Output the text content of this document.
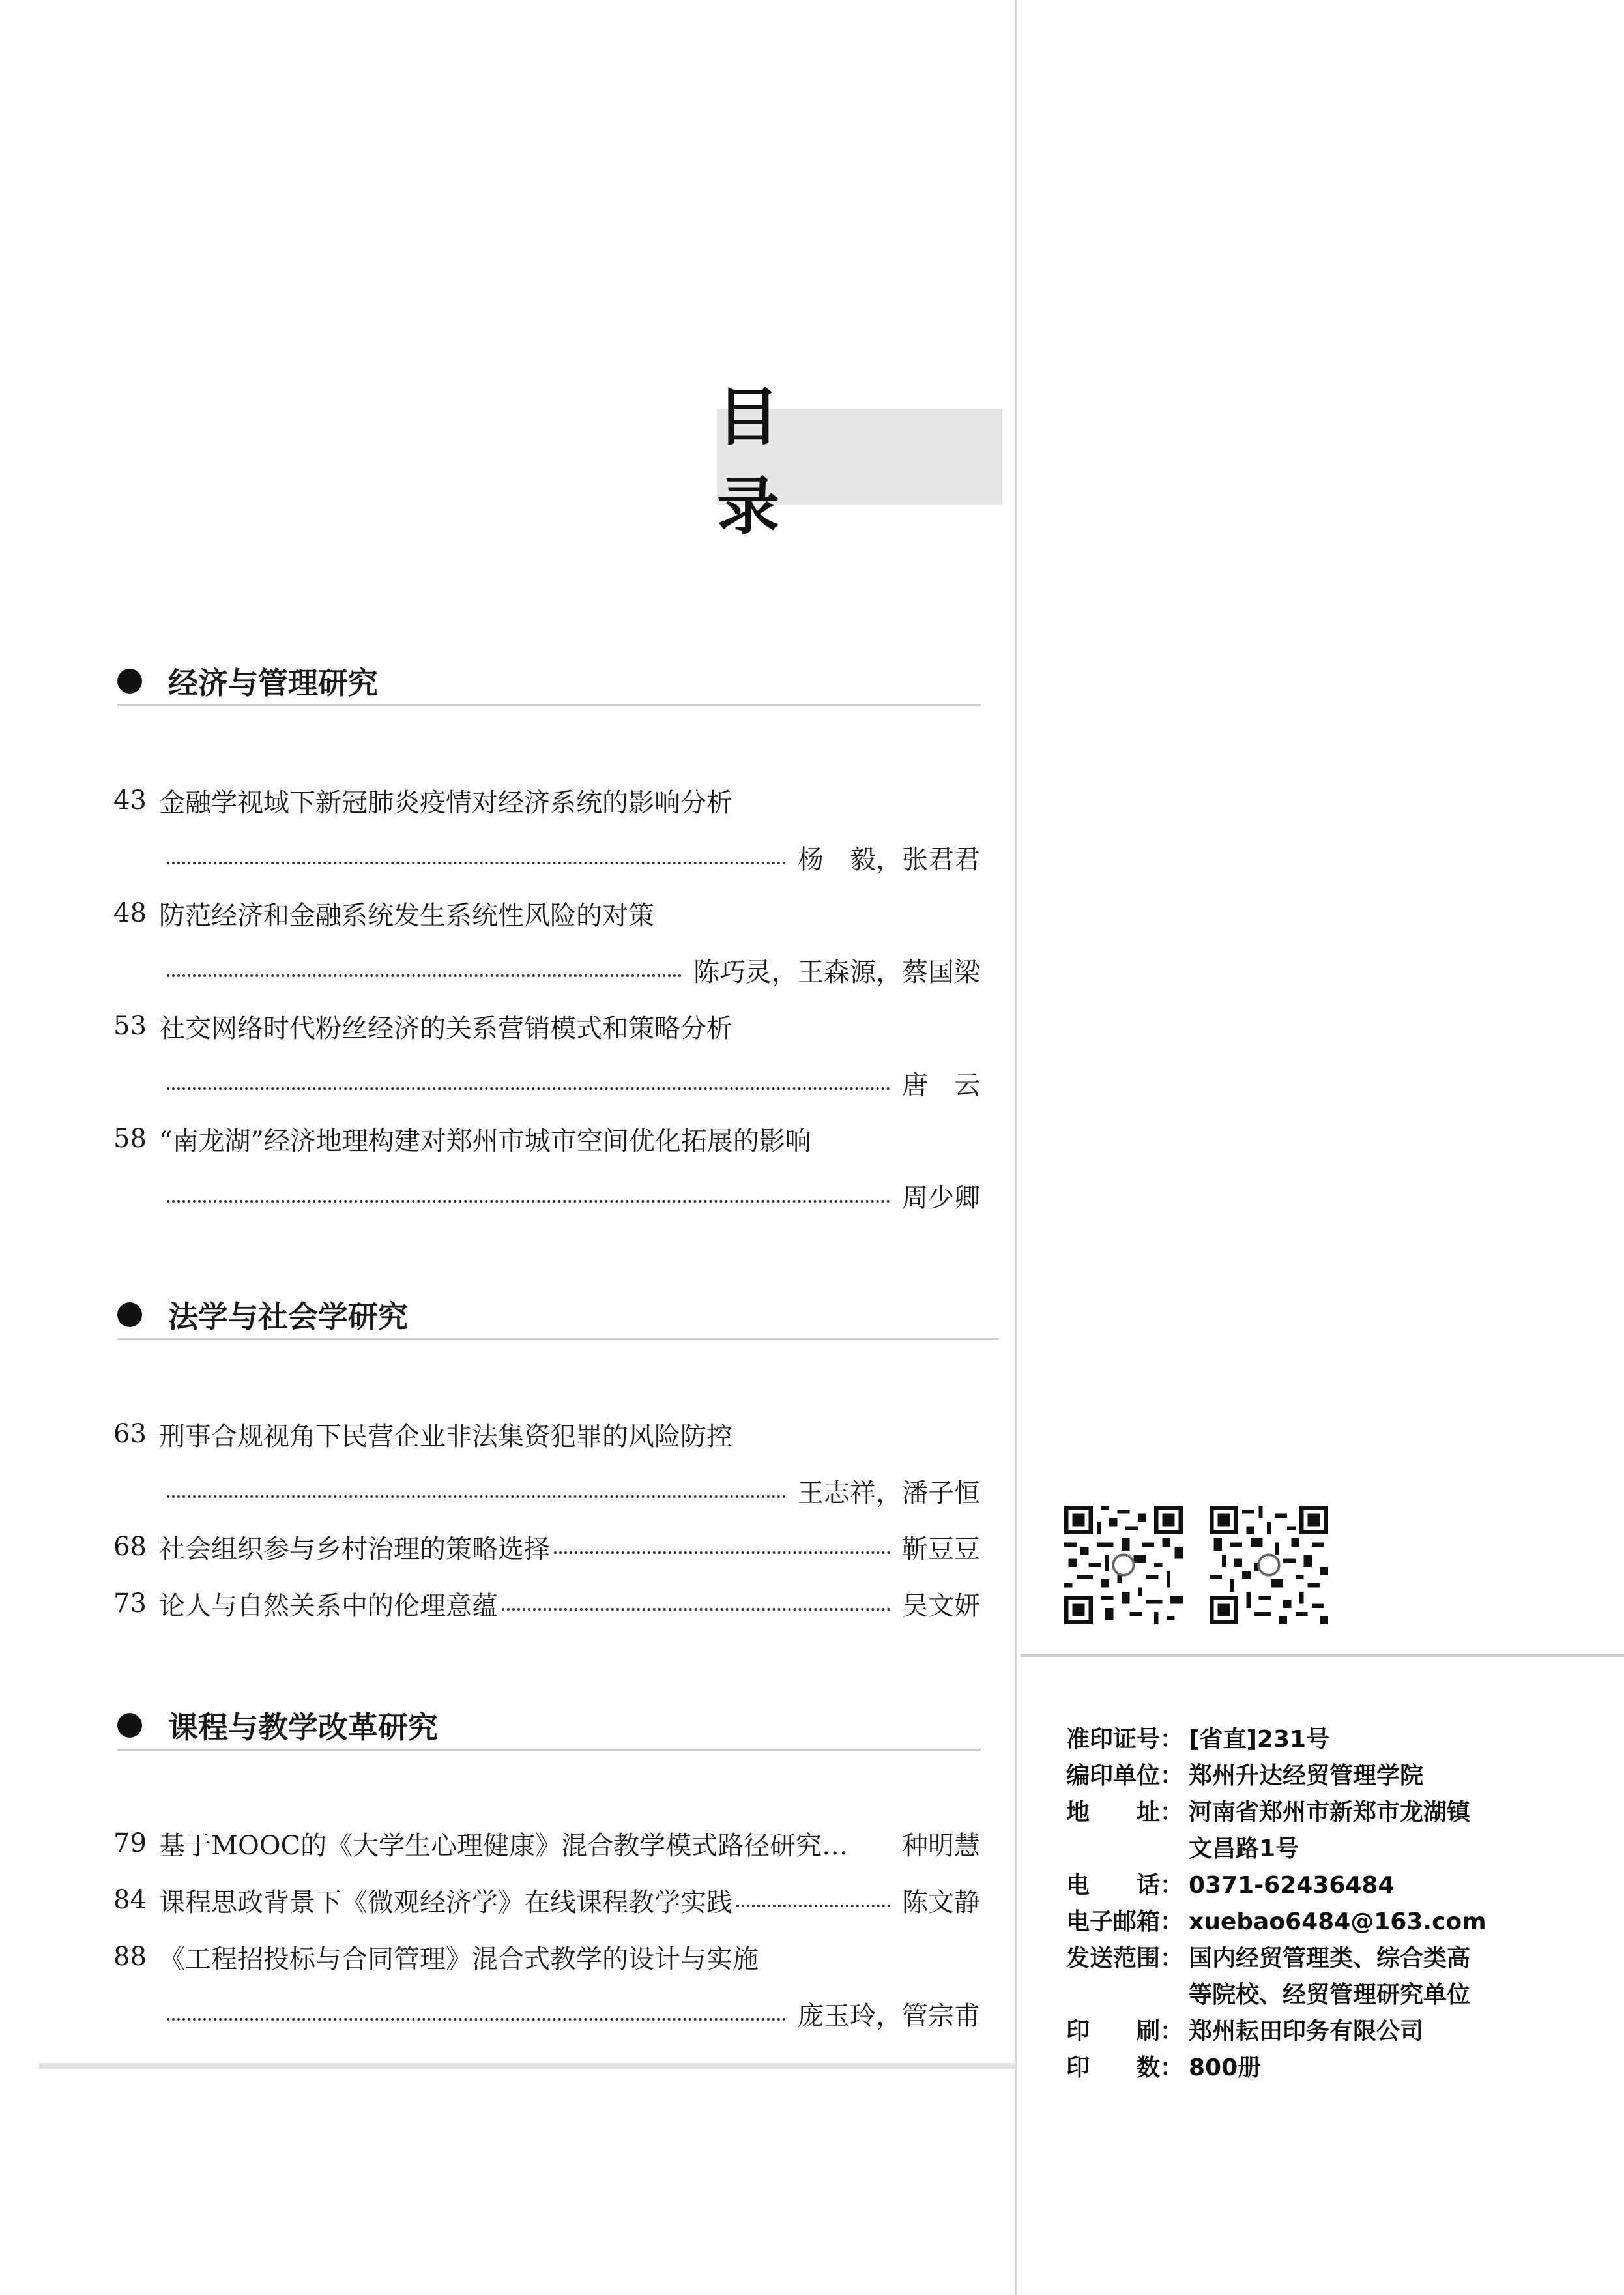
目 录
经济与管理研究
43 金融学视域下新冠肺炎疫情对经济系统的影响分析
杨　毅，张君君
48 防范经济和金融系统发生系统性风险的对策
陈巧灵，王森源，蔡国梁
53 社交网络时代粉丝经济的关系营销模式和策略分析
唐　云
58 “南龙湖”经济地理构建对郑州市城市空间优化拓展的影响
周少卿
法学与社会学研究
63 刑事合规视角下民营企业非法集资犯罪的风险防控
王志祥，潘子恒
68 社会组织参与乡村治理的策略选择	靳豆豆
73 论人与自然关系中的伦理意蕴	吴文妍
课程与教学改革研究
79 基于MOOC的《大学生心理健康》混合教学模式路径研究… 种明慧
84 课程思政背景下《微观经济学》在线课程教学实践	陈文静
88 《工程招投标与合同管理》混合式教学的设计与实施
庞玉玲，管宗甫
准印证号： [省直]231号
编印单位： 郑州升达经贸管理学院
地　　址： 河南省郑州市新郑市龙湖镇
文昌路1号
电　　话： 0371-62436484
电子邮箱： xuebao6484@163.com
发送范围： 国内经贸管理类、综合类高
等院校、经贸管理研究单位
印　　刷： 郑州耘田印务有限公司
印　　数： 800册
